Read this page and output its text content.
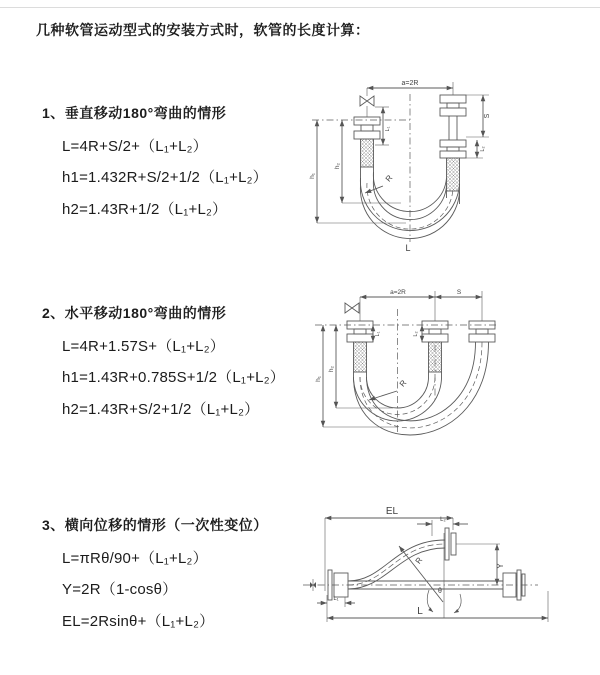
几种软管运动型式的安装方式时，软管的长度计算：
1、垂直移动180°弯曲的情形
L=4R+S/2+（L₁+L₂）
h1=1.432R+S/2+1/2（L₁+L₂）
h2=1.43R+1/2（L₁+L₂）
2、水平移动180°弯曲的情形
L=4R+1.57S+（L₁+L₂）
h1=1.43R+0.785S+1/2（L₁+L₂）
h2=1.43R+S/2+1/2（L₁+L₂）
3、横向位移的情形（一次性变位）
L=πRθ/90+（L₁+L₂）
Y=2R（1-cosθ）
EL=2Rsinθ+（L₁+L₂）
a=2R
h₁
h₂
L₁
S
L₂
R
L
a=2R	S
h₁
h₂
L₁	L₂
R
EL
L₂
Y
R
θ
L
L₁
